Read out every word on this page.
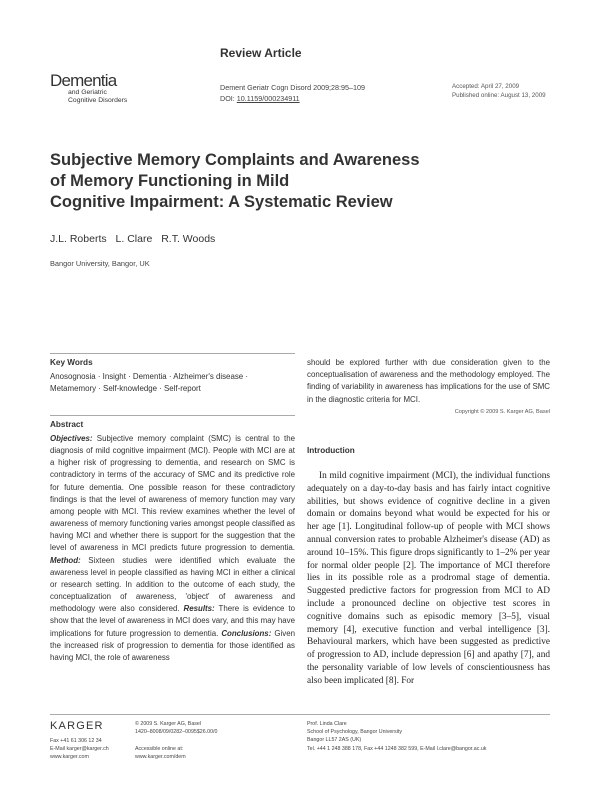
Review Article
Dementia
and Geriatric
Cognitive Disorders
Dement Geriatr Cogn Disord 2009;28:95–109
DOI: 10.1159/000234911
Accepted: April 27, 2009
Published online: August 13, 2009
Subjective Memory Complaints and Awareness
of Memory Functioning in Mild
Cognitive Impairment: A Systematic Review
J.L. Roberts L. Clare R.T. Woods
Bangor University, Bangor, UK
Key Words
Anosognosia · Insight · Dementia · Alzheimer's disease ·
Metamemory · Self-knowledge · Self-report
Abstract
Objectives: Subjective memory complaint (SMC) is central to the diagnosis of mild cognitive impairment (MCI). People with MCI are at a higher risk of progressing to dementia, and research on SMC is contradictory in terms of the accuracy of SMC and its predictive role for future dementia. One possible reason for these contradictory findings is that the level of awareness of memory function may vary among people with MCI. This review examines whether the level of awareness of memory functioning varies amongst people classified as having MCI and whether there is support for the suggestion that the level of awareness in MCI predicts future progression to dementia. Method: Sixteen studies were identified which evaluate the awareness level in people classified as having MCI in either a clinical or research setting. In addition to the outcome of each study, the conceptualization of awareness, 'object' of awareness and methodology were also considered. Results: There is evidence to show that the level of awareness in MCI does vary, and this may have implications for future progression to dementia. Conclusions: Given the increased risk of progression to dementia for those identified as having MCI, the role of awareness
should be explored further with due consideration given to the conceptualisation of awareness and the methodology employed. The finding of variability in awareness has implications for the use of SMC in the diagnostic criteria for MCI.
Copyright © 2009 S. Karger AG, Basel
Introduction
In mild cognitive impairment (MCI), the individual functions adequately on a day-to-day basis and has fairly intact cognitive abilities, but shows evidence of cognitive decline in a given domain or domains beyond what would be expected for his or her age [1]. Longitudinal follow-up of people with MCI shows annual conversion rates to probable Alzheimer's disease (AD) as around 10–15%. This figure drops significantly to 1–2% per year for normal older people [2]. The importance of MCI therefore lies in its possible role as a prodromal stage of dementia. Suggested predictive factors for progression from MCI to AD include a pronounced decline on objective test scores in cognitive domains such as episodic memory [3–5], visual memory [4], executive function and verbal intelligence [3]. Behavioural markers, which have been suggested as predictive of progression to AD, include depression [6] and apathy [7], and the personality variable of low levels of conscientiousness has also been implicated [8]. For
KARGER
Fax +41 61 306 12 34
E-Mail karger@karger.ch
www.karger.com
© 2009 S. Karger AG, Basel
1420–8008/09/0282–0095$26.00/0
Accessible online at:
www.karger.com/dem
Prof. Linda Clare
School of Psychology, Bangor University
Bangor LL57 2AS (UK)
Tel. +44 1 248 388 178, Fax +44 1248 382 599, E-Mail l.clare@bangor.ac.uk
